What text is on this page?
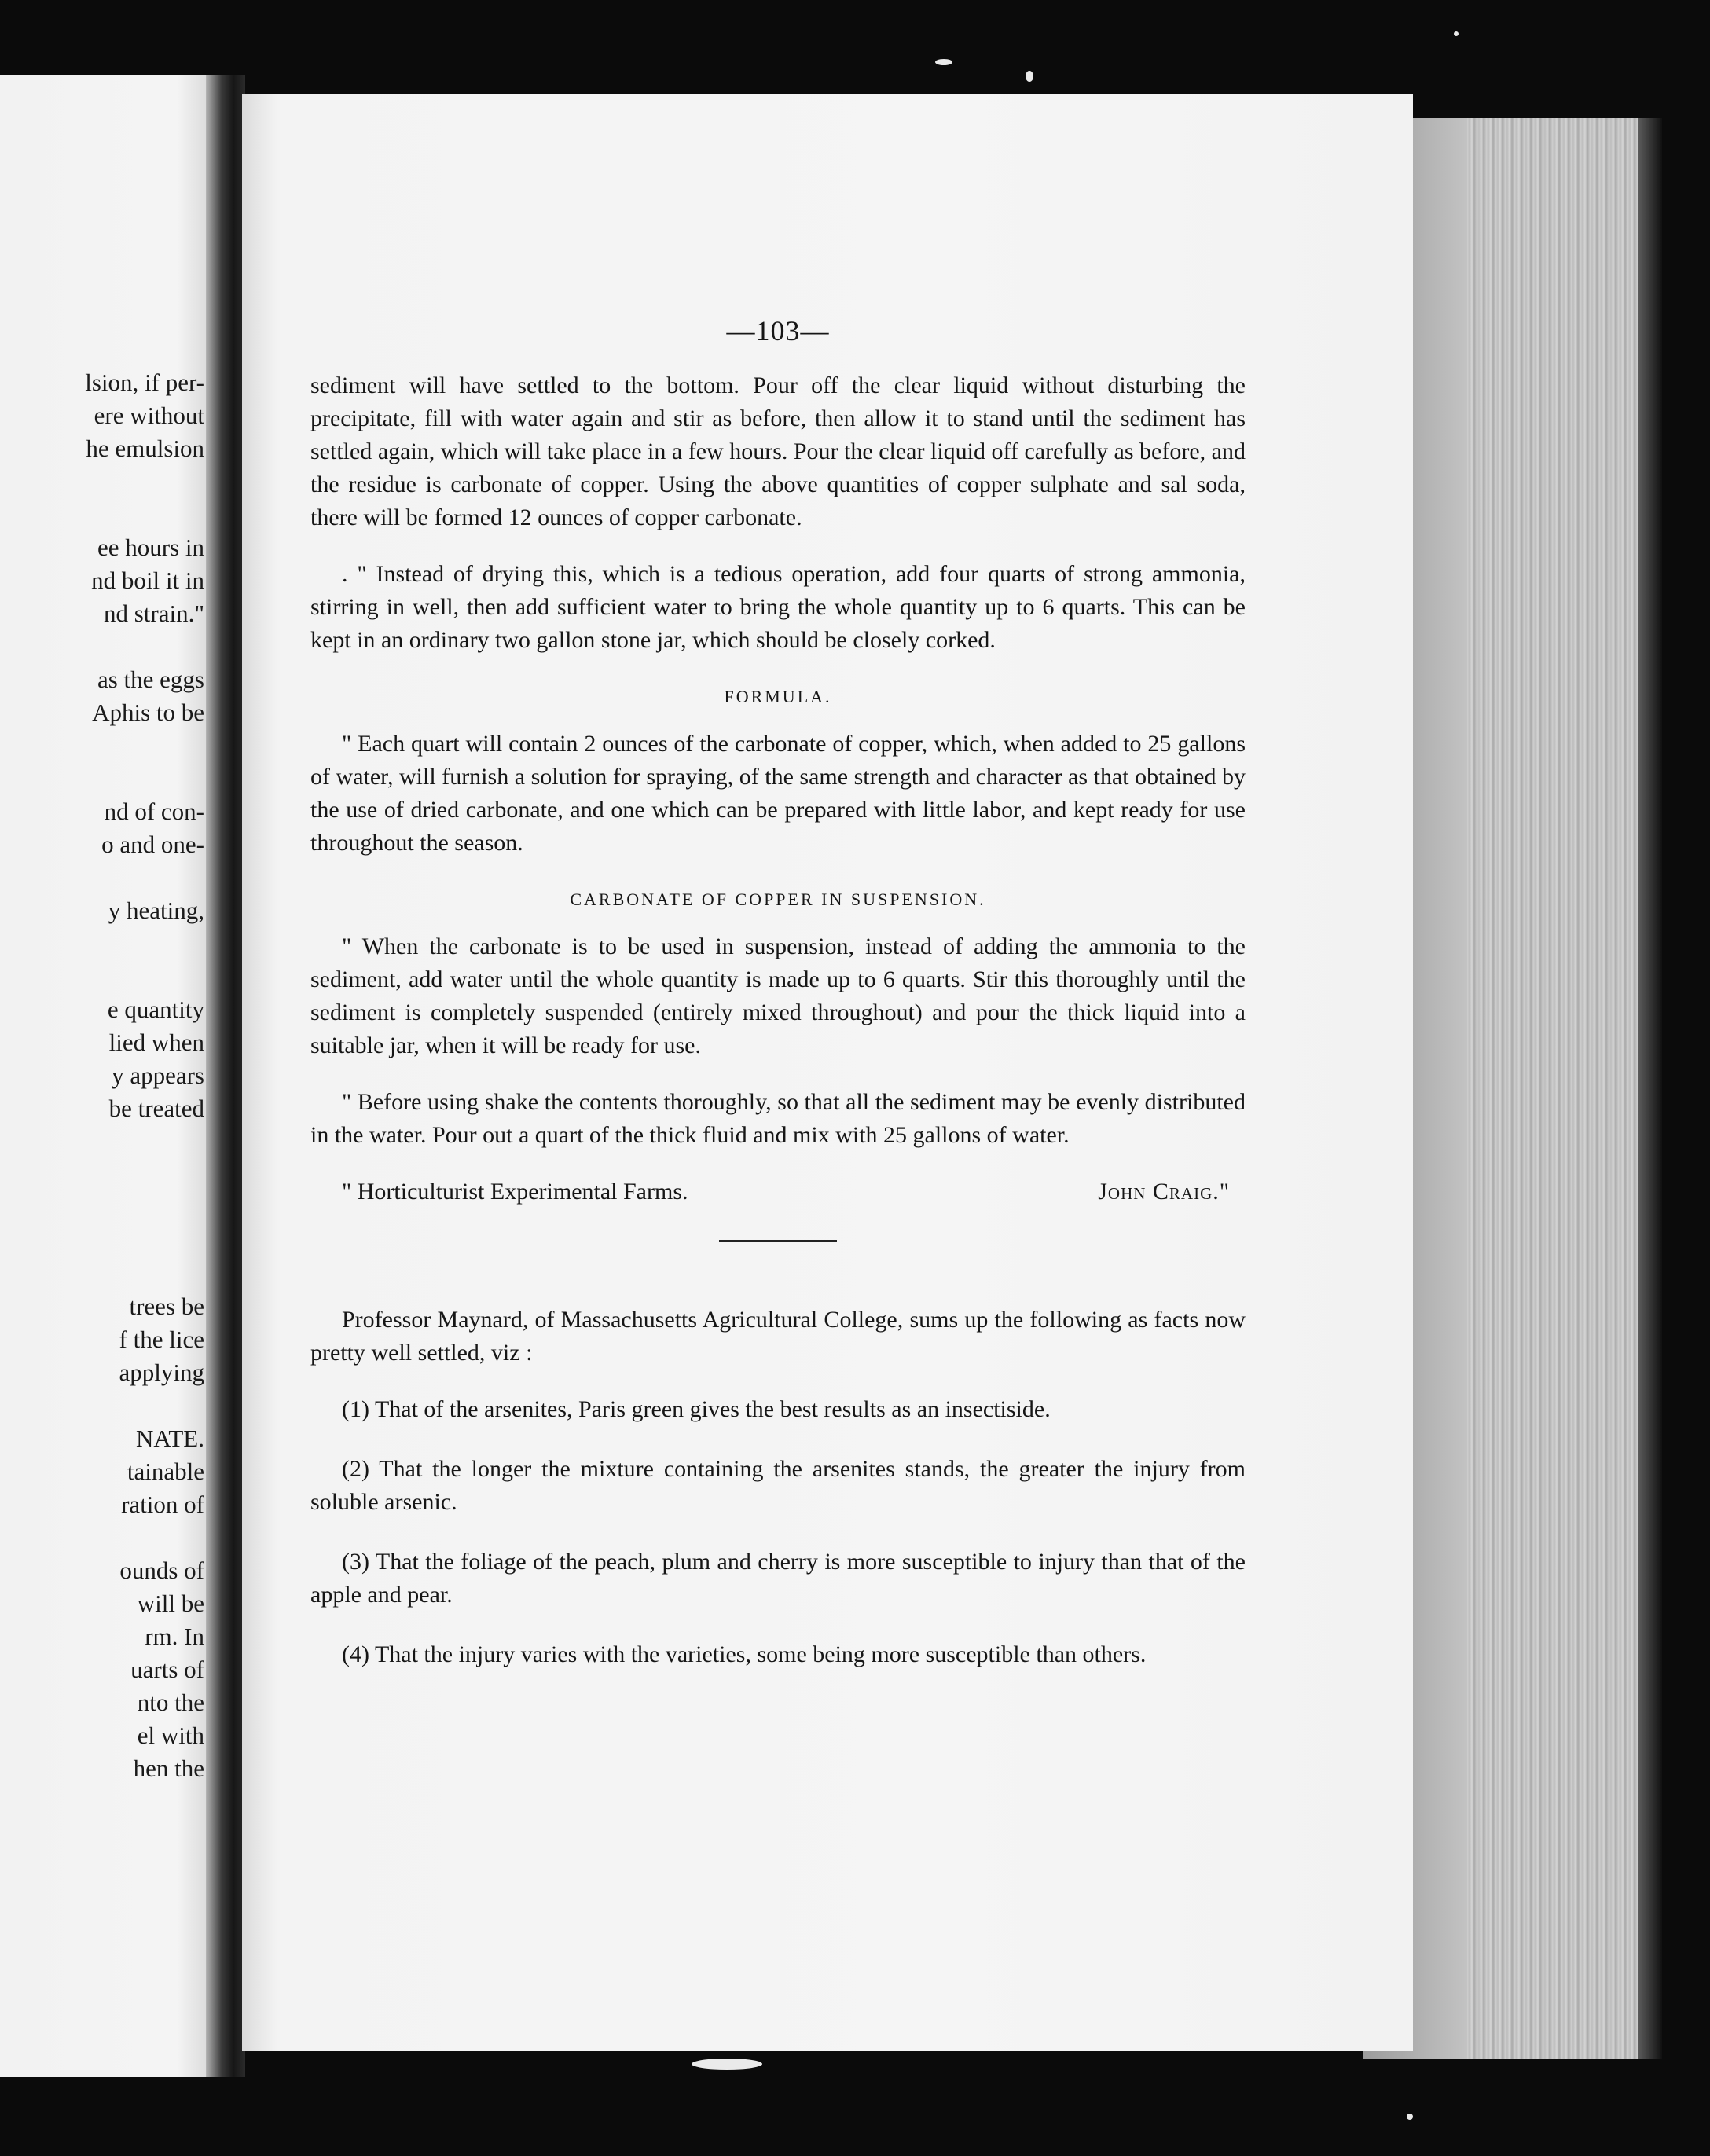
lsion, if per-
ere without
he emulsion
ee hours in
nd boil it in
nd strain."
as the eggs
Aphis to be
nd of con-
o and one-
y heating,
e quantity
lied when
y appears
be treated
trees be
f the lice
applying
NATE.
tainable
ration of
ounds of
will be
rm. In
uarts of
nto the
el with
hen the
—103—

sediment will have settled to the bottom. Pour off the clear liquid without disturbing the precipitate, fill with water again and stir as before, then allow it to stand until the sediment has settled again, which will take place in a few hours. Pour the clear liquid off carefully as before, and the residue is carbonate of copper. Using the above quantities of copper sulphate and sal soda, there will be formed 12 ounces of copper carbonate.

. " Instead of drying this, which is a tedious operation, add four quarts of strong ammonia, stirring in well, then add sufficient water to bring the whole quantity up to 6 quarts. This can be kept in an ordinary two gallon stone jar, which should be closely corked.

FORMULA.

" Each quart will contain 2 ounces of the carbonate of copper, which, when added to 25 gallons of water, will furnish a solution for spraying, of the same strength and character as that obtained by the use of dried carbonate, and one which can be prepared with little labor, and kept ready for use throughout the season.

CARBONATE OF COPPER IN SUSPENSION.

" When the carbonate is to be used in suspension, instead of adding the ammonia to the sediment, add water until the whole quantity is made up to 6 quarts. Stir this thoroughly until the sediment is completely suspended (entirely mixed throughout) and pour the thick liquid into a suitable jar, when it will be ready for use.

" Before using shake the contents thoroughly, so that all the sediment may be evenly distributed in the water. Pour out a quart of the thick fluid and mix with 25 gallons of water.

" Horticulturist Experimental Farms.	John Craig."

Professor Maynard, of Massachusetts Agricultural College, sums up the following as facts now pretty well settled, viz :

(1) That of the arsenites, Paris green gives the best results as an insectiside.

(2) That the longer the mixture containing the arsenites stands, the greater the injury from soluble arsenic.

(3) That the foliage of the peach, plum and cherry is more susceptible to injury than that of the apple and pear.

(4) That the injury varies with the varieties, some being more susceptible than others.
